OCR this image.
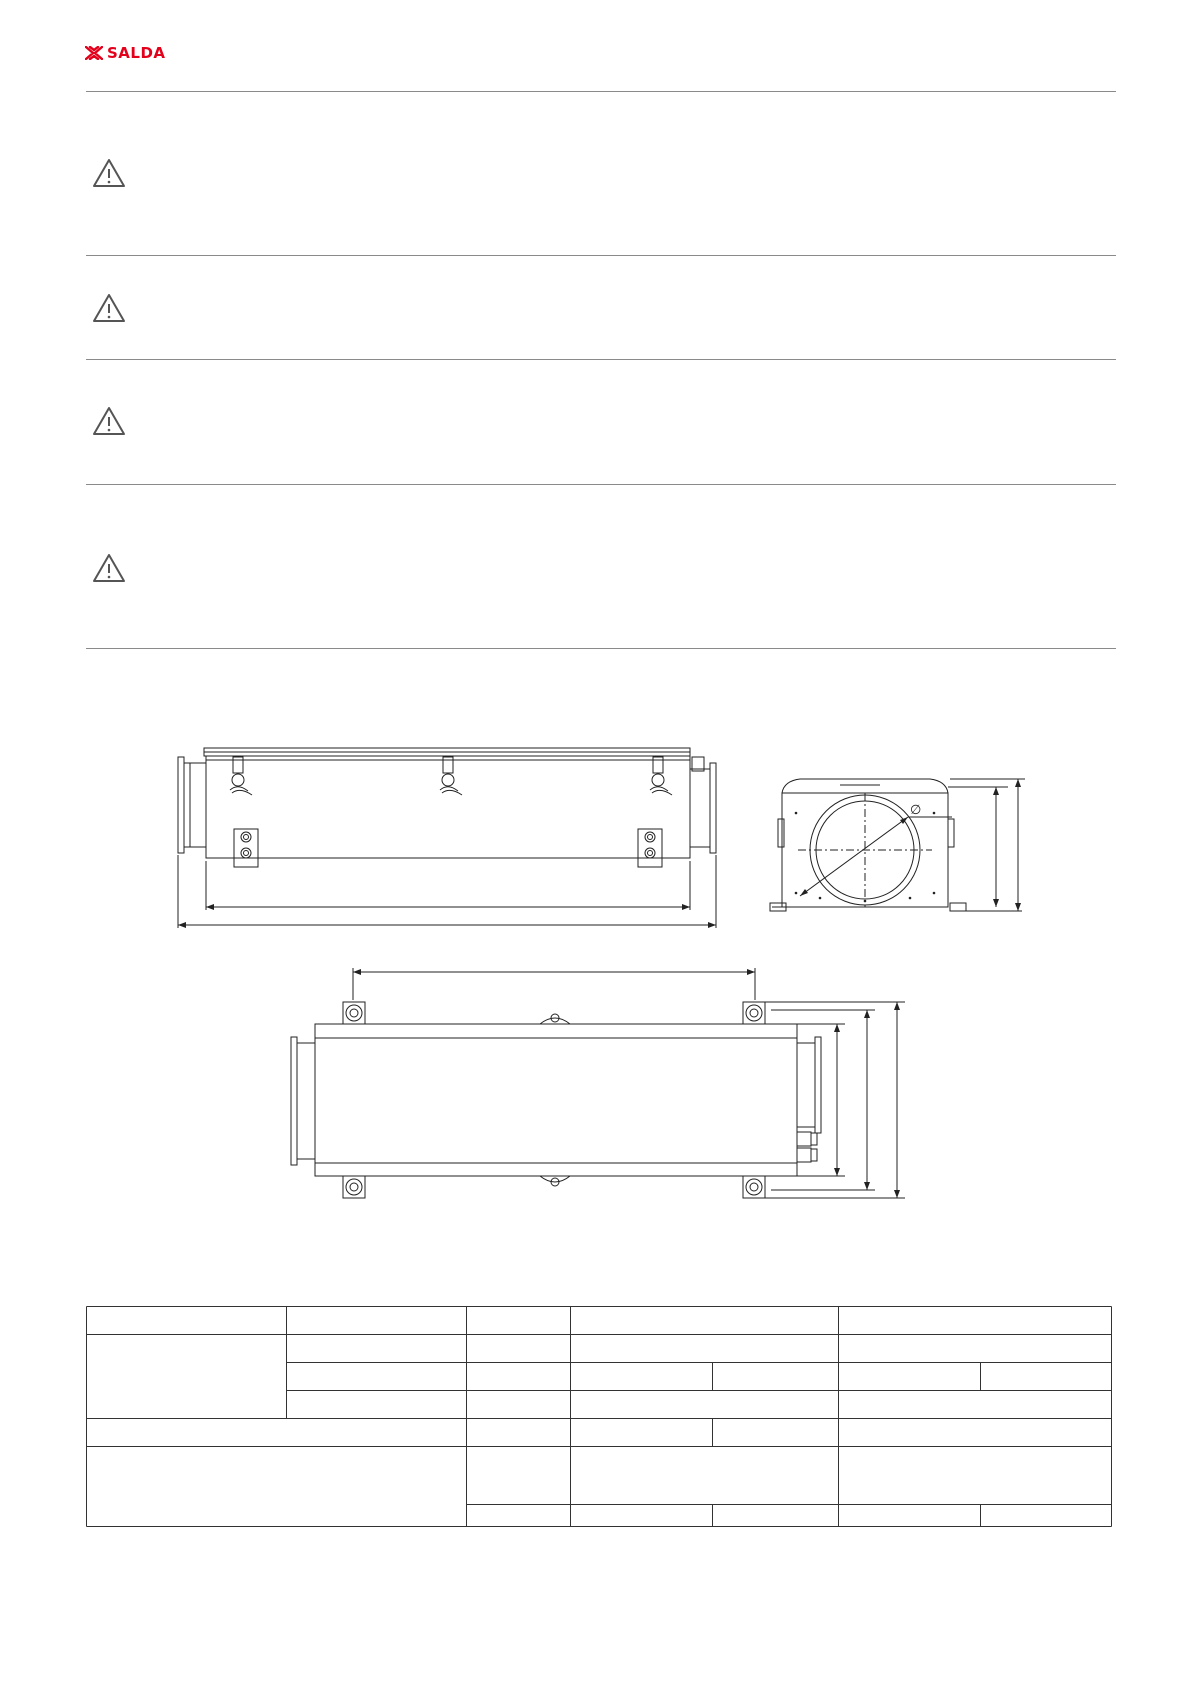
SALDA
∅
